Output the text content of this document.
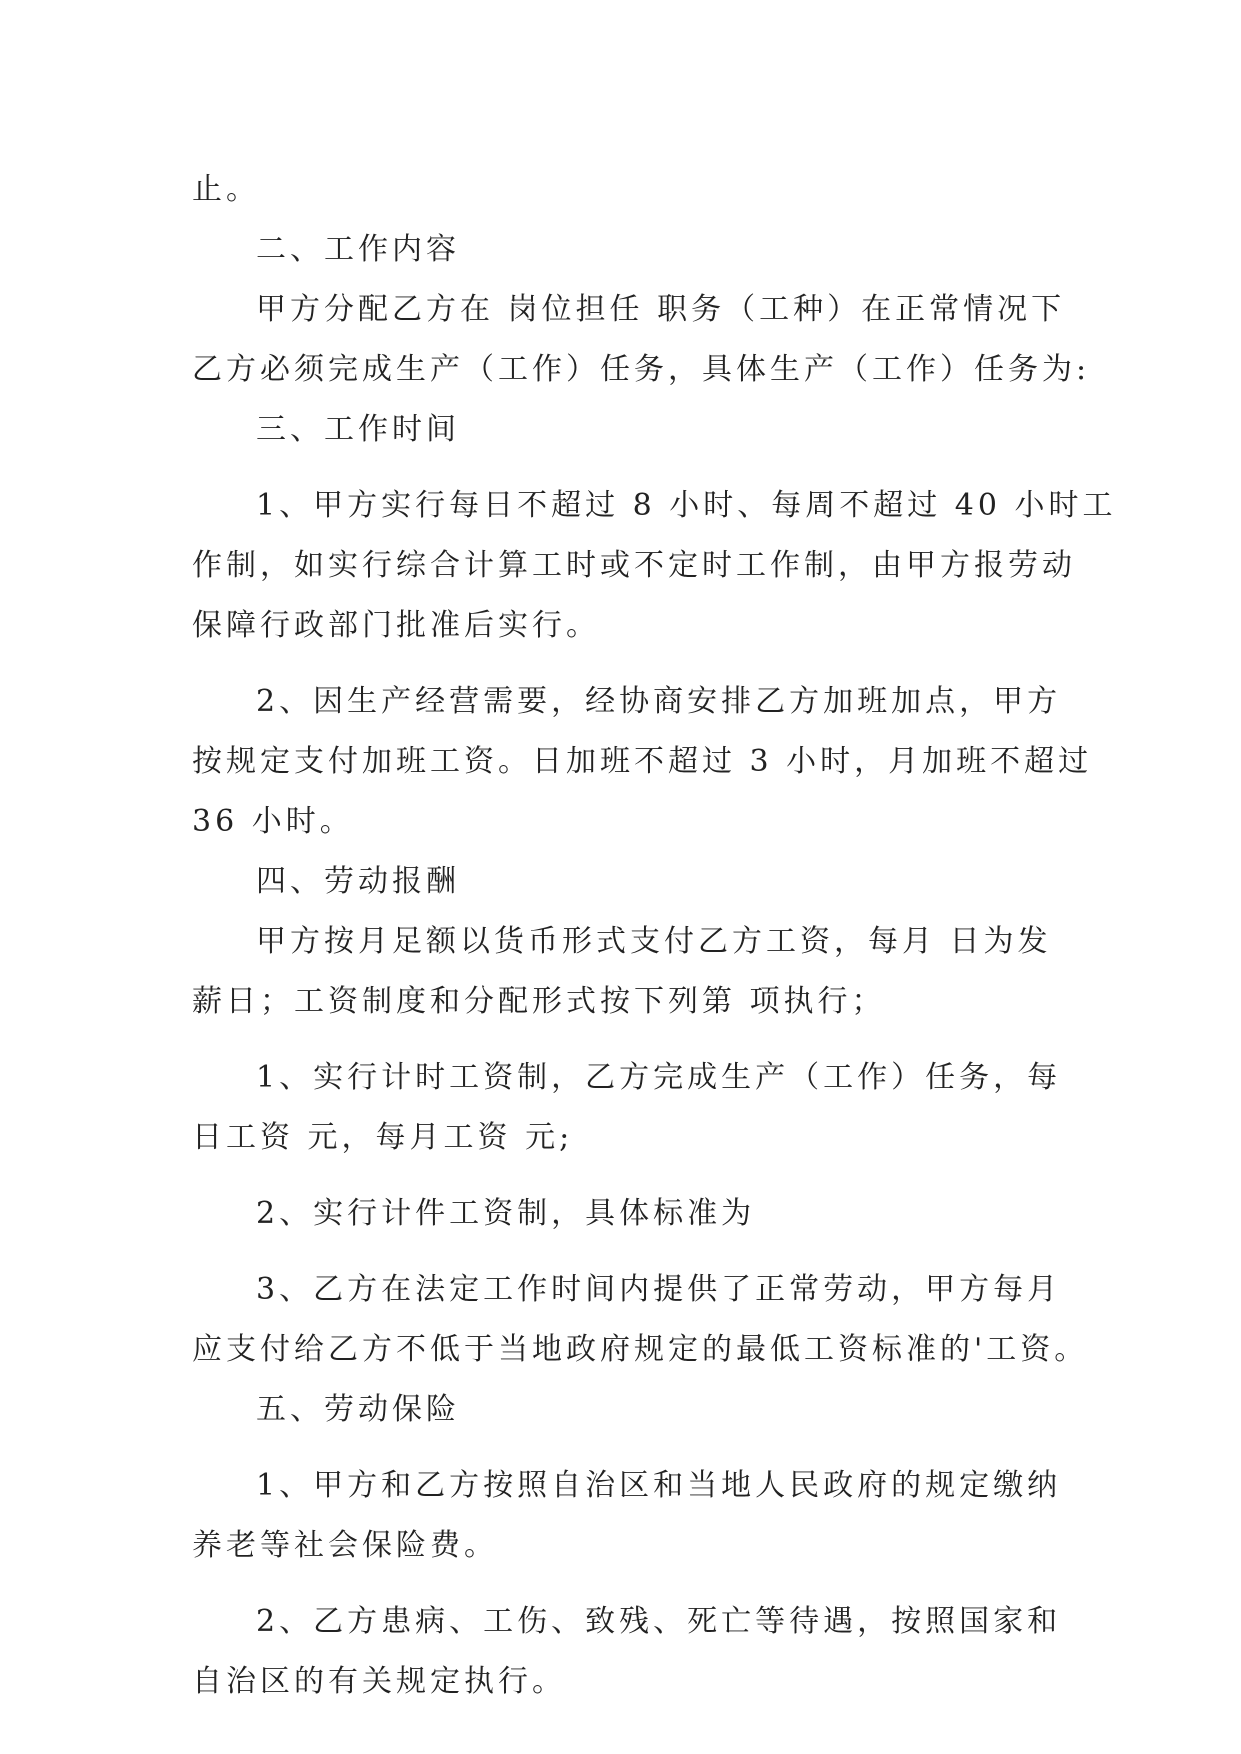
止。
二、工作内容
甲方分配乙方在 岗位担任 职务（工种）在正常情况下
乙方必须完成生产（工作）任务，具体生产（工作）任务为:
三、工作时间
1、甲方实行每日不超过 8 小时、每周不超过 40 小时工
作制，如实行综合计算工时或不定时工作制，由甲方报劳动
保障行政部门批准后实行。
2、因生产经营需要，经协商安排乙方加班加点，甲方
按规定支付加班工资。日加班不超过 3 小时，月加班不超过
36 小时。
四、劳动报酬
甲方按月足额以货币形式支付乙方工资，每月 日为发
薪日；工资制度和分配形式按下列第 项执行；
1、实行计时工资制，乙方完成生产（工作）任务，每
日工资 元，每月工资 元;
2、实行计件工资制，具体标准为
3、乙方在法定工作时间内提供了正常劳动，甲方每月
应支付给乙方不低于当地政府规定的最低工资标准的'工资。
五、劳动保险
1、甲方和乙方按照自治区和当地人民政府的规定缴纳
养老等社会保险费。
2、乙方患病、工伤、致残、死亡等待遇，按照国家和
自治区的有关规定执行。
